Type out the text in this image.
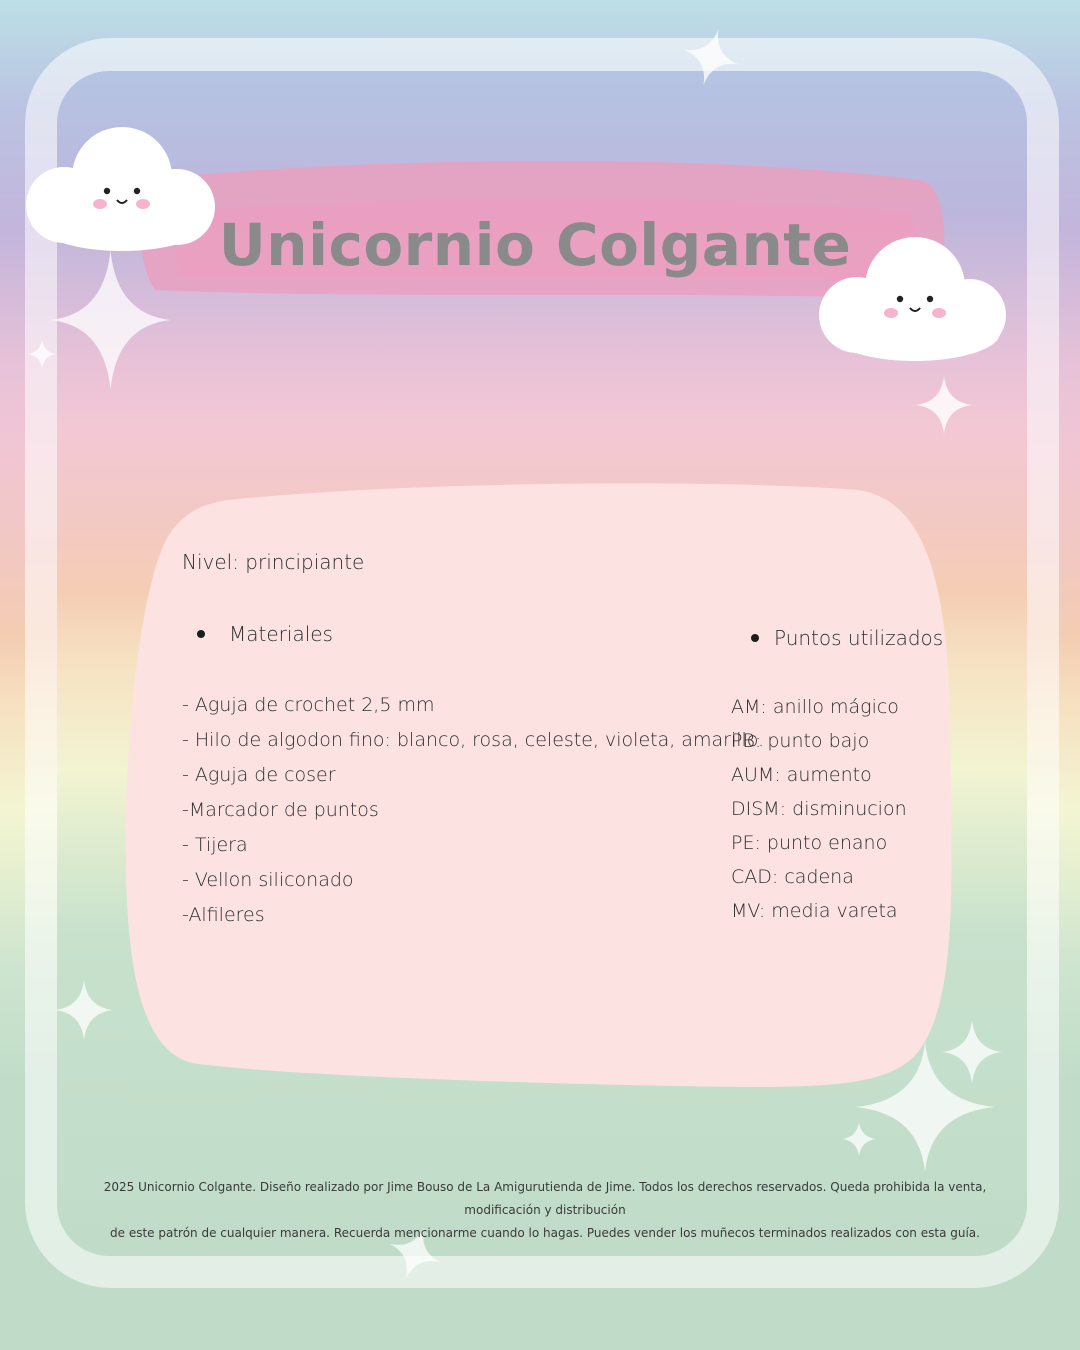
Unicornio Colgante

Nivel: principiante

Materiales
- Aguja de crochet 2,5 mm
- Hilo de algodon fino: blanco, rosa, celeste, violeta, amarillo.
- Aguja de coser
-Marcador de puntos
- Tijera
- Vellon siliconado
-Alfileres
Puntos utilizados
AM: anillo mágico
PB: punto bajo
AUM: aumento
DISM: disminucion
PE: punto enano
CAD: cadena
MV: media vareta

2025 Unicornio Colgante. Diseño realizado por Jime Bouso de La Amigurutienda de Jime. Todos los derechos reservados. Queda prohibida la venta, modificación y distribución
de este patrón de cualquier manera. Recuerda mencionarme cuando lo hagas. Puedes vender los muñecos terminados realizados con esta guía.
